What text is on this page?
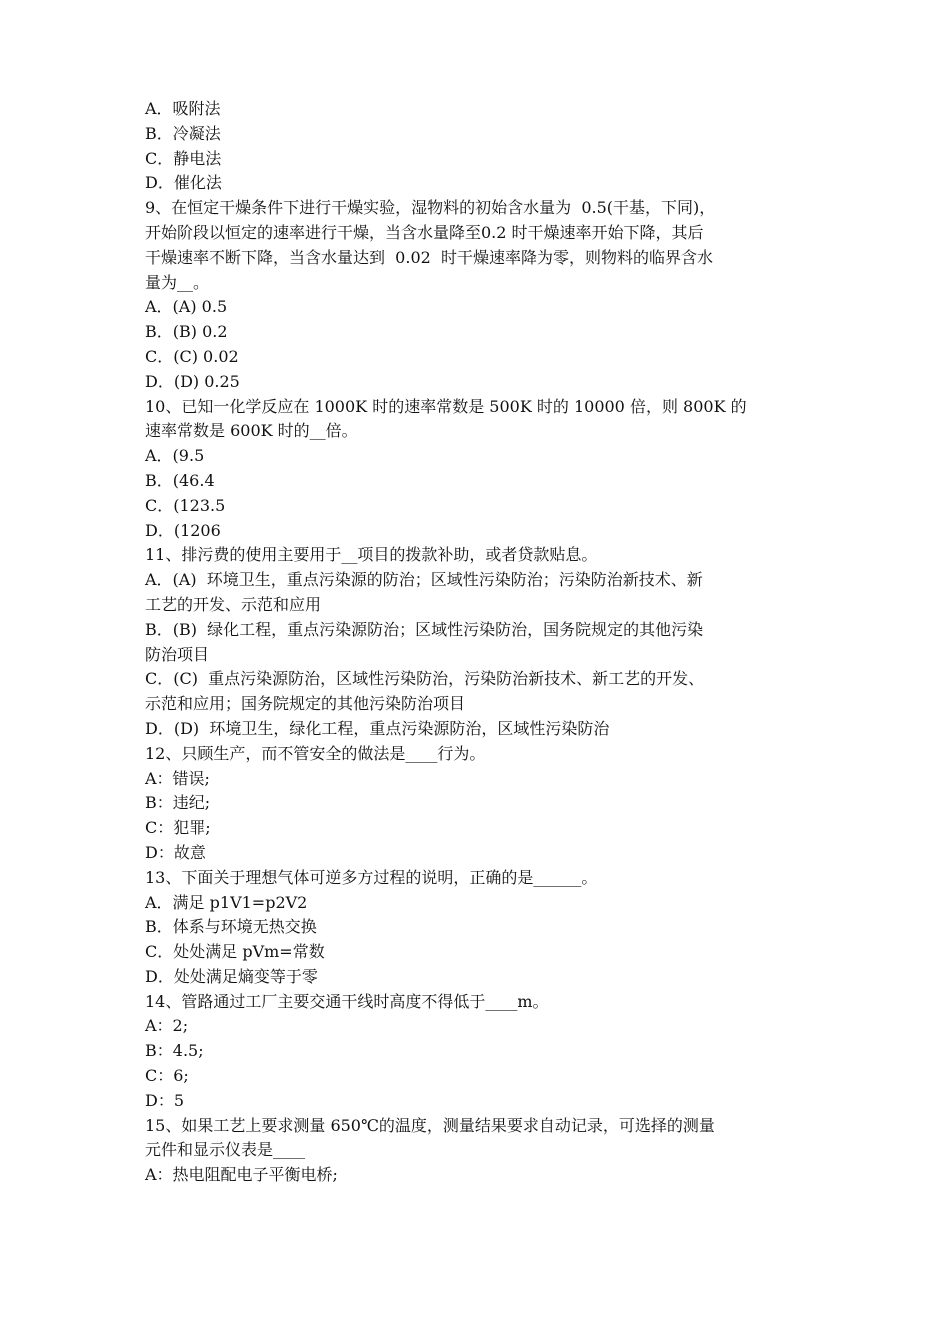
A．吸附法
B．冷凝法
C．静电法
D．催化法
9、在恒定干燥条件下进行干燥实验，湿物料的初始含水量为  0.5(干基，下同)，
开始阶段以恒定的速率进行干燥，当含水量降至0.2 时干燥速率开始下降，其后
干燥速率不断下降，当含水量达到  0.02  时干燥速率降为零，则物料的临界含水
量为__。
A．(A) 0.5
B．(B) 0.2
C．(C) 0.02
D．(D) 0.25
10、已知一化学反应在 1000K 时的速率常数是 500K 时的 10000 倍，则 800K 的
速率常数是 600K 时的__倍。
A．(9.5
B．(46.4
C．(123.5
D．(1206
11、排污费的使用主要用于__项目的拨款补助，或者贷款贴息。
A．(A)  环境卫生，重点污染源的防治；区域性污染防治；污染防治新技术、新
工艺的开发、示范和应用
B．(B)  绿化工程，重点污染源防治；区域性污染防治，国务院规定的其他污染
防治项目
C．(C)  重点污染源防治，区域性污染防治，污染防治新技术、新工艺的开发、
示范和应用；国务院规定的其他污染防治项目
D．(D)  环境卫生，绿化工程，重点污染源防治，区域性污染防治
12、只顾生产，而不管安全的做法是____行为。
A：错误;
B：违纪;
C：犯罪;
D：故意
13、下面关于理想气体可逆多方过程的说明，正确的是______。
A．满足 p1V1=p2V2
B．体系与环境无热交换
C．处处满足 pVm=常数
D．处处满足熵变等于零
14、管路通过工厂主要交通干线时高度不得低于____m。
A：2;
B：4.5;
C：6;
D：5
15、如果工艺上要求测量 650℃的温度，测量结果要求自动记录，可选择的测量
元件和显示仪表是____
A：热电阻配电子平衡电桥;
